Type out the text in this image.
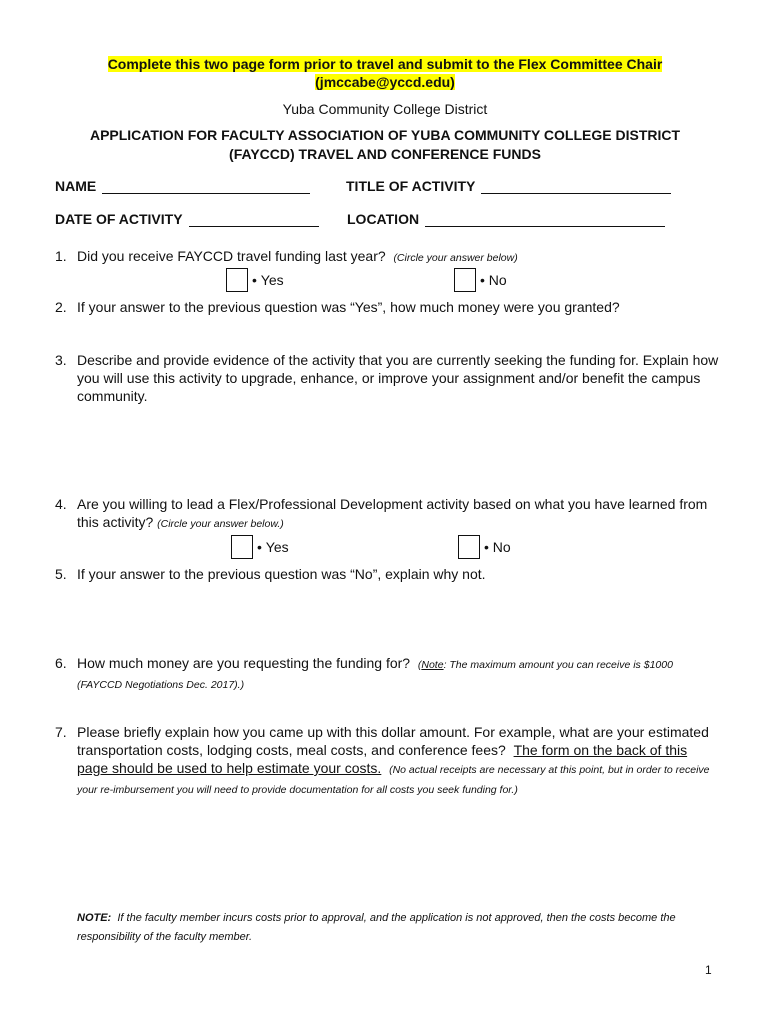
Complete this two page form prior to travel and submit to the Flex Committee Chair
(jmccabe@yccd.edu)
Yuba Community College District
APPLICATION FOR FACULTY ASSOCIATION OF YUBA COMMUNITY COLLEGE DISTRICT
(FAYCCD) TRAVEL AND CONFERENCE FUNDS
NAME	TITLE OF ACTIVITY
DATE OF ACTIVITY	LOCATION
1. Did you receive FAYCCD travel funding last year? (Circle your answer below)
• Yes	• No
2. If your answer to the previous question was “Yes”, how much money were you granted?
3. Describe and provide evidence of the activity that you are currently seeking the funding for. Explain how you will use this activity to upgrade, enhance, or improve your assignment and/or benefit the campus community.
4. Are you willing to lead a Flex/Professional Development activity based on what you have learned from this activity? (Circle your answer below.)
• Yes	• No
5. If your answer to the previous question was “No”, explain why not.
6. How much money are you requesting the funding for? (Note: The maximum amount you can receive is $1000 (FAYCCD Negotiations Dec. 2017).)
7. Please briefly explain how you came up with this dollar amount. For example, what are your estimated transportation costs, lodging costs, meal costs, and conference fees? The form on the back of this page should be used to help estimate your costs. (No actual receipts are necessary at this point, but in order to receive your re-imbursement you will need to provide documentation for all costs you seek funding for.)
NOTE: If the faculty member incurs costs prior to approval, and the application is not approved, then the costs become the responsibility of the faculty member.
1
